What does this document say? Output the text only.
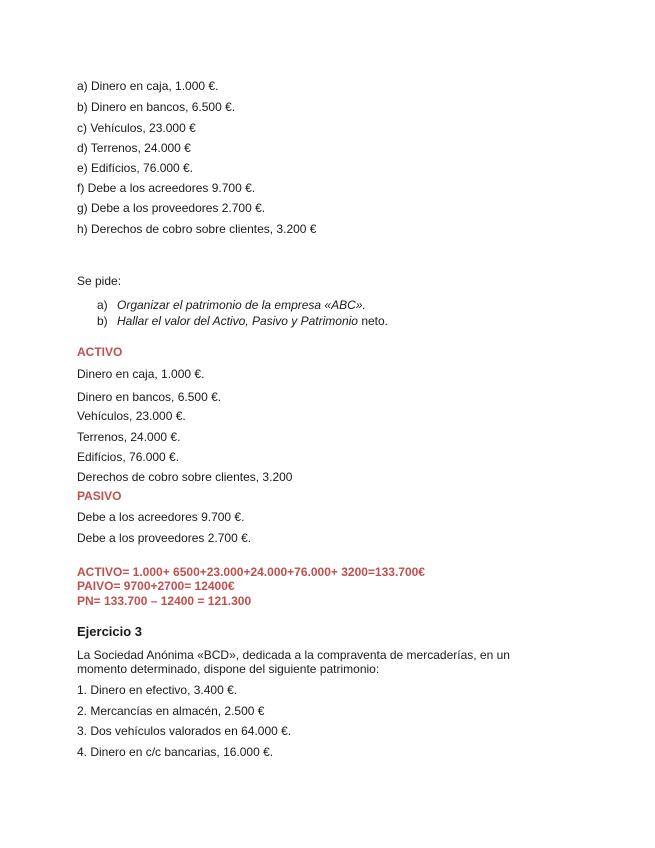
a) Dinero en caja, 1.000 €.
b) Dinero en bancos, 6.500 €.
c) Vehículos, 23.000 €
d) Terrenos, 24.000 €
e) Edifícios, 76.000 €.
f) Debe a los acreedores 9.700 €.
g) Debe a los proveedores 2.700 €.
h) Derechos de cobro sobre clientes, 3.200 €
Se pide:
a) Organizar el patrimonio de la empresa «ABC».
b) Hallar el valor del Activo, Pasivo y Patrimonio neto.
ACTIVO
Dinero en caja, 1.000 €.
Dinero en bancos, 6.500 €.
Vehículos, 23.000 €.
Terrenos, 24.000 €.
Edifícios, 76.000 €.
Derechos de cobro sobre clientes, 3.200
PASIVO
Debe a los acreedores 9.700 €.
Debe a los proveedores 2.700 €.
ACTIVO= 1.000+ 6500+23.000+24.000+76.000+ 3200=133.700€
PAIVO= 9700+2700= 12400€
PN= 133.700 – 12400 = 121.300
Ejercicio 3
La Sociedad Anónima «BCD», dedicada a la compraventa de mercaderías, en un momento determinado, dispone del siguiente patrimonio:
1. Dinero en efectivo, 3.400 €.
2. Mercancías en almacén, 2.500 €
3. Dos vehículos valorados en 64.000 €.
4. Dinero en c/c bancarias, 16.000 €.
